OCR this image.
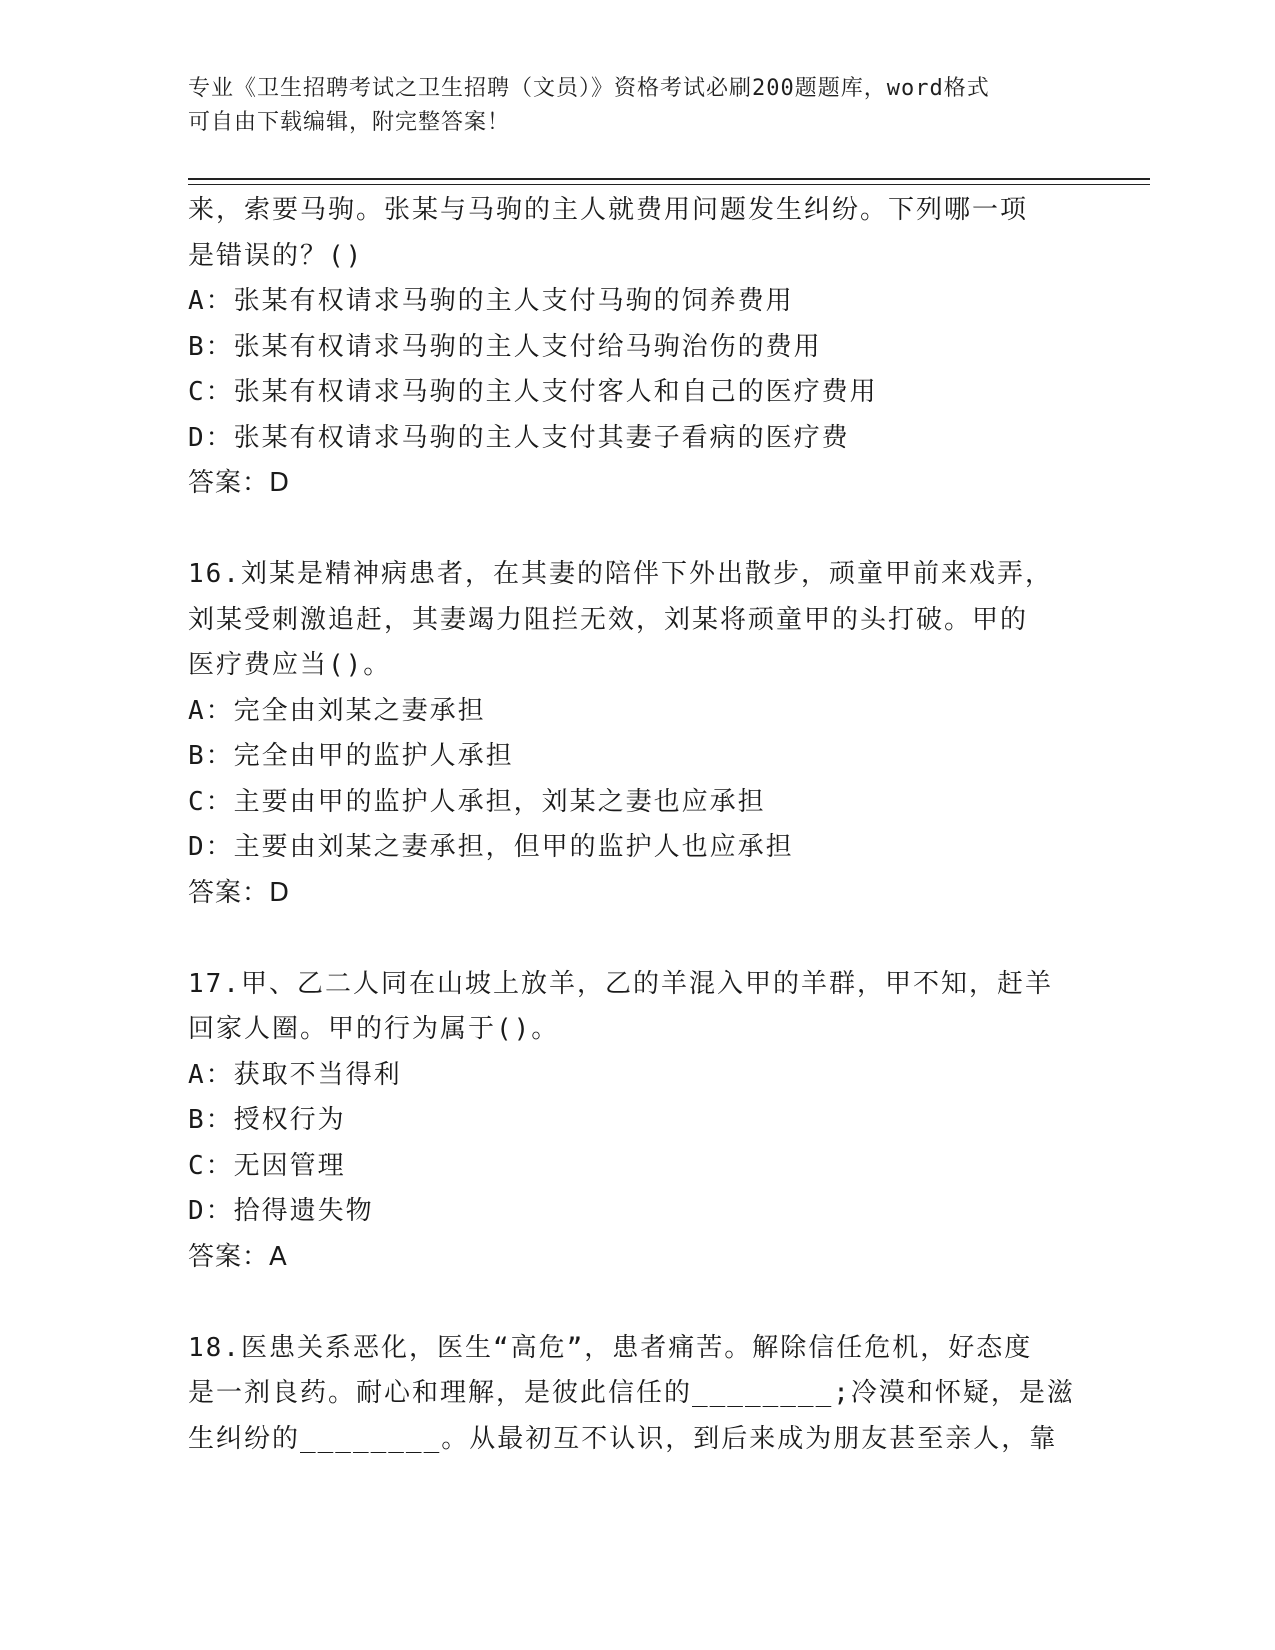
专业《卫生招聘考试之卫生招聘（文员）》资格考试必刷200题题库，word格式
可自由下载编辑，附完整答案！
来，索要马驹。张某与马驹的主人就费用问题发生纠纷。下列哪一项
是错误的？()
A：张某有权请求马驹的主人支付马驹的饲养费用
B：张某有权请求马驹的主人支付给马驹治伤的费用
C：张某有权请求马驹的主人支付客人和自己的医疗费用
D：张某有权请求马驹的主人支付其妻子看病的医疗费
答案：D
16.刘某是精神病患者，在其妻的陪伴下外出散步，顽童甲前来戏弄，
刘某受刺激追赶，其妻竭力阻拦无效，刘某将顽童甲的头打破。甲的
医疗费应当()。
A：完全由刘某之妻承担
B：完全由甲的监护人承担
C：主要由甲的监护人承担，刘某之妻也应承担
D：主要由刘某之妻承担，但甲的监护人也应承担
答案：D
17.甲、乙二人同在山坡上放羊，乙的羊混入甲的羊群，甲不知，赶羊
回家人圈。甲的行为属于()。
A：获取不当得利
B：授权行为
C：无因管理
D：拾得遗失物
答案：A
18.医患关系恶化，医生“高危”，患者痛苦。解除信任危机，好态度
是一剂良药。耐心和理解，是彼此信任的________;冷漠和怀疑，是滋
生纠纷的________。从最初互不认识，到后来成为朋友甚至亲人，靠
